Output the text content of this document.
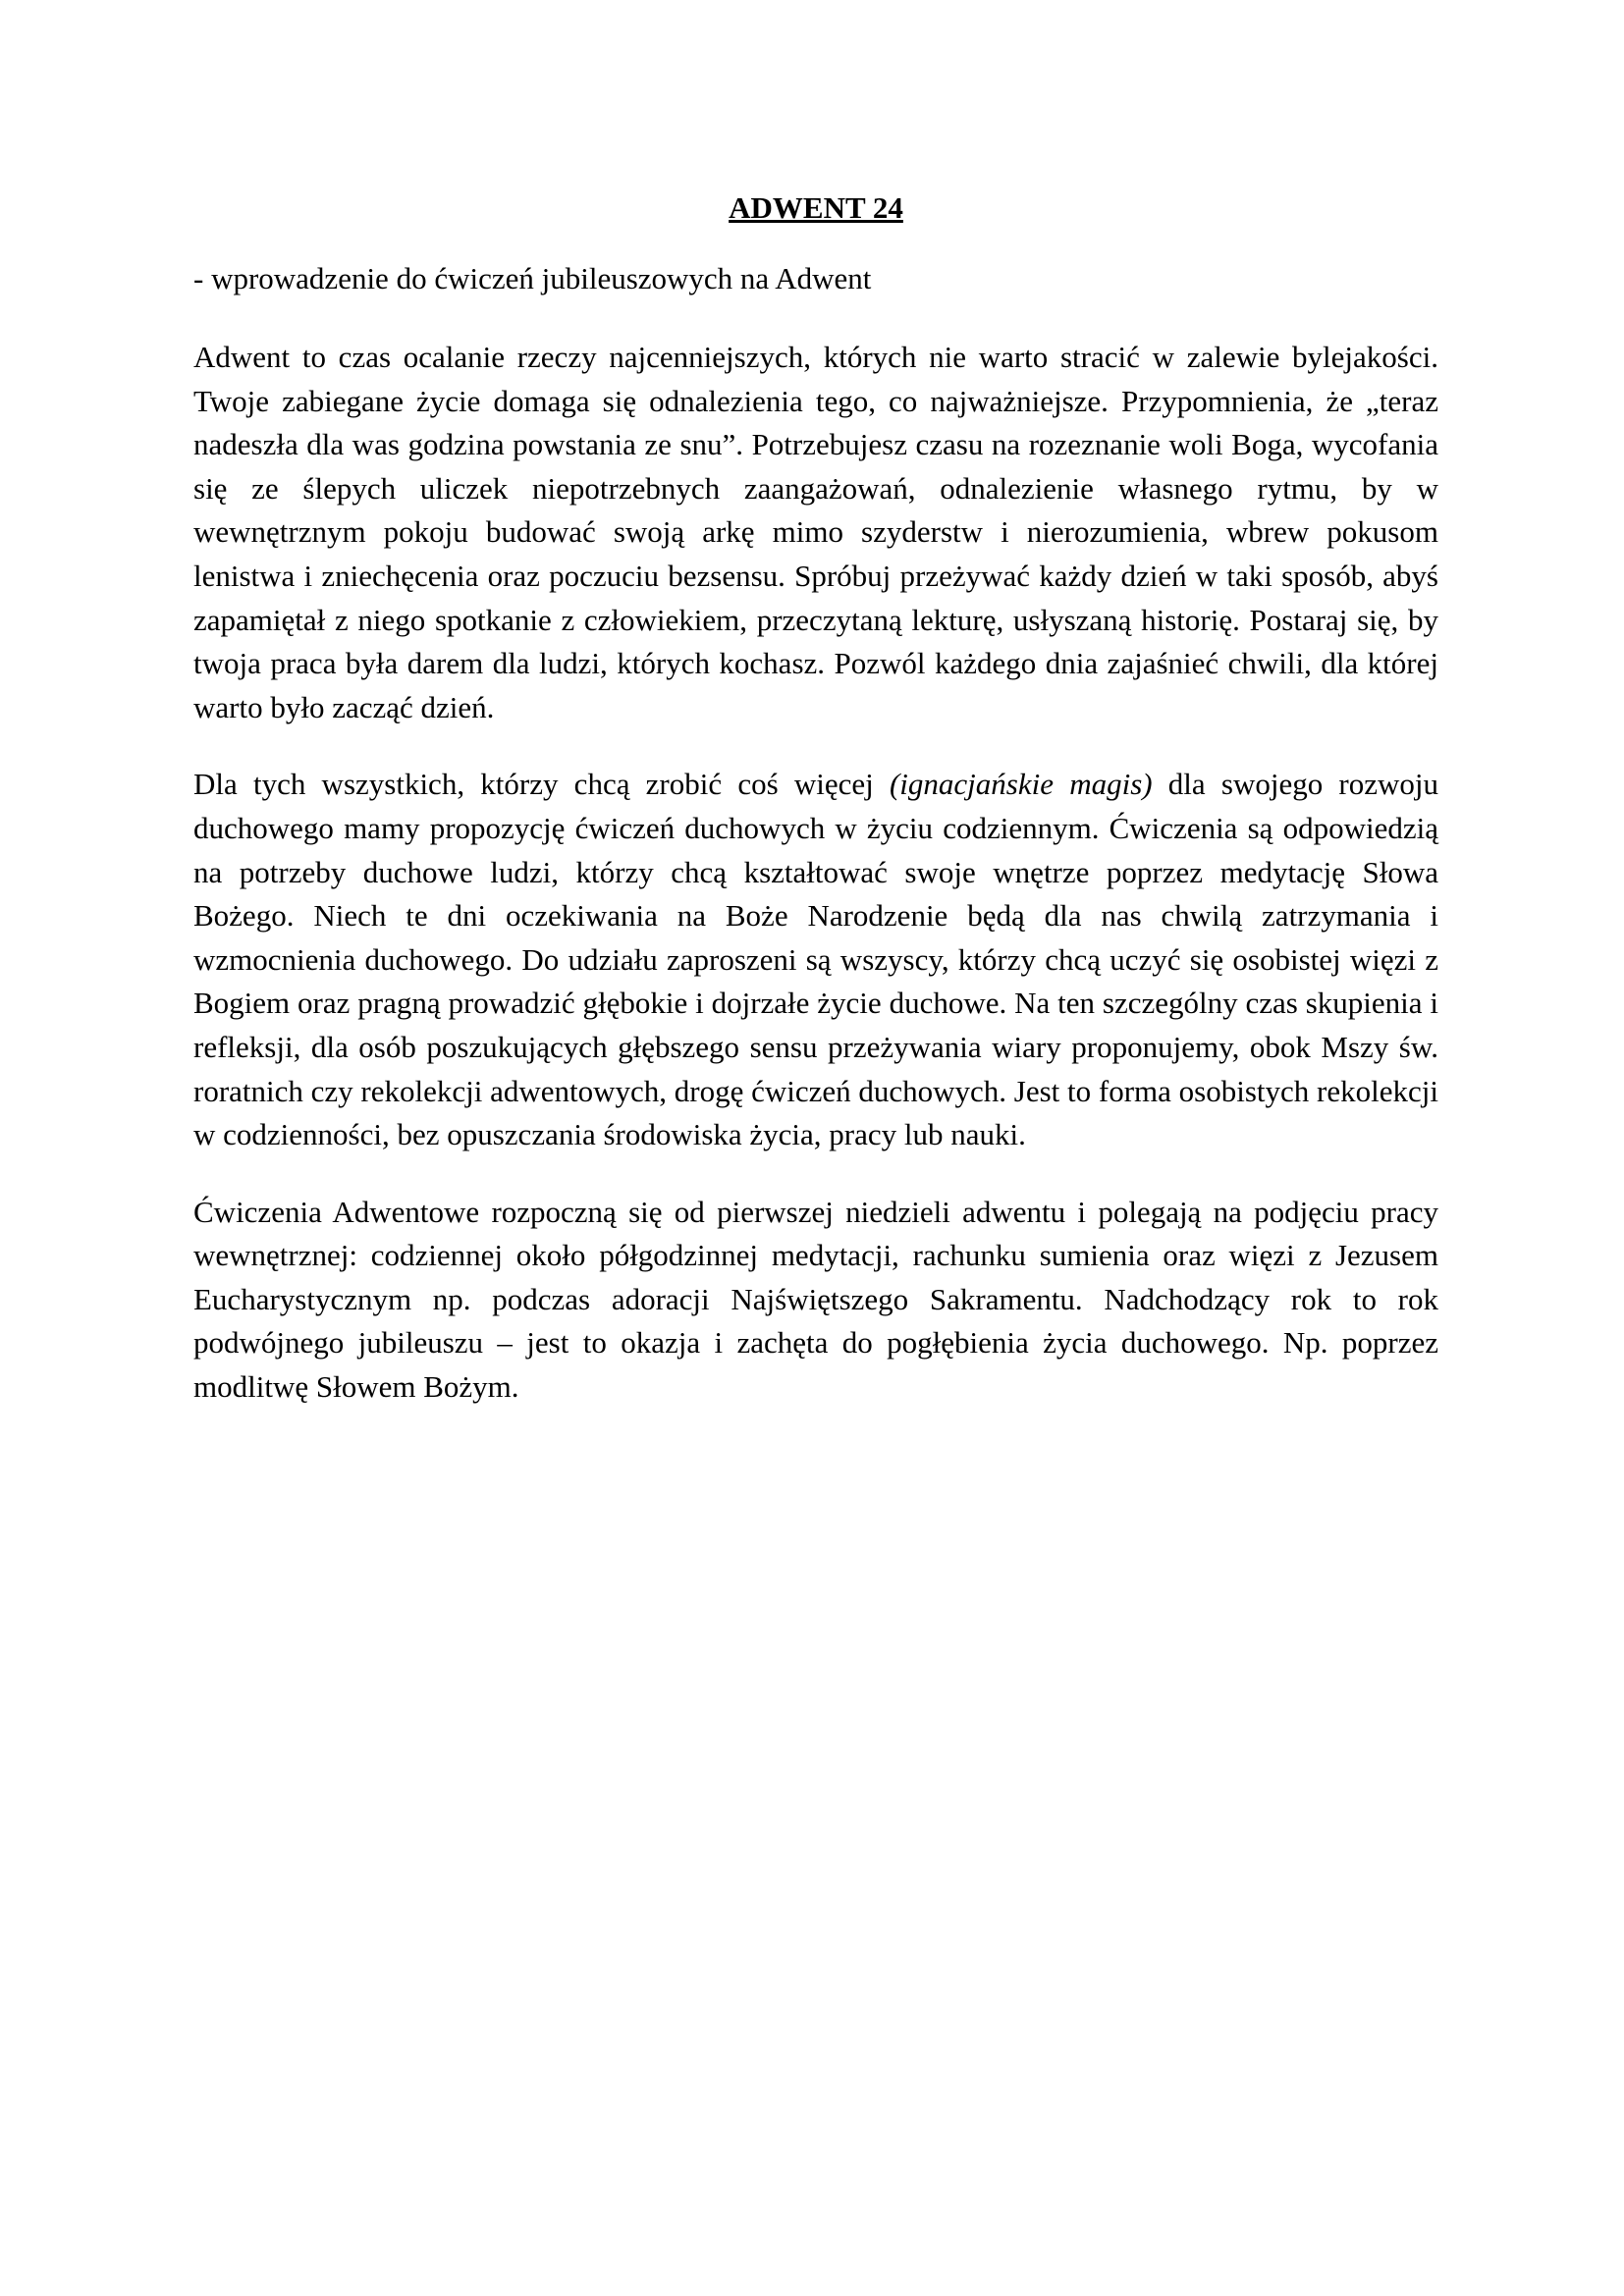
ADWENT 24

- wprowadzenie do ćwiczeń jubileuszowych na Adwent

Adwent to czas ocalanie rzeczy najcenniejszych, których nie warto stracić w zalewie bylejakości. Twoje zabiegane życie domaga się odnalezienia tego, co najważniejsze. Przypomnienia, że „teraz nadeszła dla was godzina powstania ze snu”. Potrzebujesz czasu na rozeznanie woli Boga, wycofania się ze ślepych uliczek niepotrzebnych zaangażowań, odnalezienie własnego rytmu, by w wewnętrznym pokoju budować swoją arkę mimo szyderstw i nierozumienia, wbrew pokusom lenistwa i zniechęcenia oraz poczuciu bezsensu. Spróbuj przeżywać każdy dzień w taki sposób, abyś zapamiętał z niego spotkanie z człowiekiem, przeczytaną lekturę, usłyszaną historię. Postaraj się, by twoja praca była darem dla ludzi, których kochasz. Pozwól każdego dnia zajaśnieć chwili, dla której warto było zacząć dzień.

Dla tych wszystkich, którzy chcą zrobić coś więcej (ignacjańskie magis) dla swojego rozwoju duchowego mamy propozycję ćwiczeń duchowych w życiu codziennym. Ćwiczenia są odpowiedzią na potrzeby duchowe ludzi, którzy chcą kształtować swoje wnętrze poprzez medytację Słowa Bożego. Niech te dni oczekiwania na Boże Narodzenie będą dla nas chwilą zatrzymania i wzmocnienia duchowego. Do udziału zaproszeni są wszyscy, którzy chcą uczyć się osobistej więzi z Bogiem oraz pragną prowadzić głębokie i dojrzałe życie duchowe. Na ten szczególny czas skupienia i refleksji, dla osób poszukujących głębszego sensu przeżywania wiary proponujemy, obok Mszy św. roratnich czy rekolekcji adwentowych, drogę ćwiczeń duchowych. Jest to forma osobistych rekolekcji w codzienności, bez opuszczania środowiska życia, pracy lub nauki.

Ćwiczenia Adwentowe rozpoczną się od pierwszej niedzieli adwentu i polegają na podjęciu pracy wewnętrznej: codziennej około półgodzinnej medytacji, rachunku sumienia oraz więzi z Jezusem Eucharystycznym np. podczas adoracji Najświętszego Sakramentu. Nadchodzący rok to rok podwójnego jubileuszu – jest to okazja i zachęta do pogłębienia życia duchowego. Np. poprzez modlitwę Słowem Bożym.
